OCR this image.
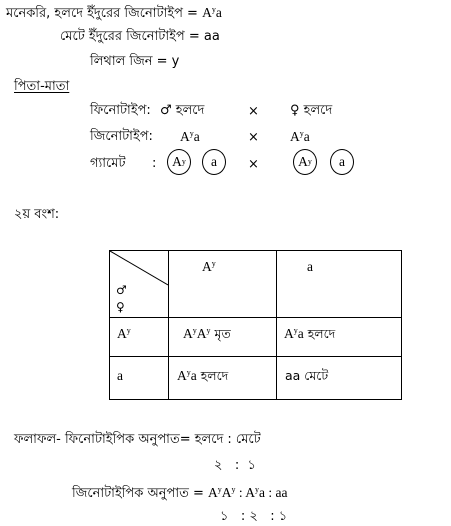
মনেকরি, হলদে ইঁদুরের জিনোটাইপ = $A^ya$
মেটে ইঁদুরের জিনোটাইপ = aa
লিথাল জিন = y
পিতা-মাতা
ফিনোটাইপ: ♂ হলদে	× ♀ হলদে
জিনোটাইপ: $A^ya$	× $A^ya$
গ্যামেট : A y a ×	A y a
২য় বংশ:
♂
♀	$A^y$	a

$A^y$	$A^yA^y$ মৃত	$A^ya$ হলদে

a	$A^ya$ হলদে	aa মেটে
ফলাফল- ফিনোটাইপিক অনুপাত= হলদে : মেটে
২   :  ১
জিনোটাইপিক অনুপাত = $A^yA^y$ : $A^ya$ : aa
১   : ২   : ১
